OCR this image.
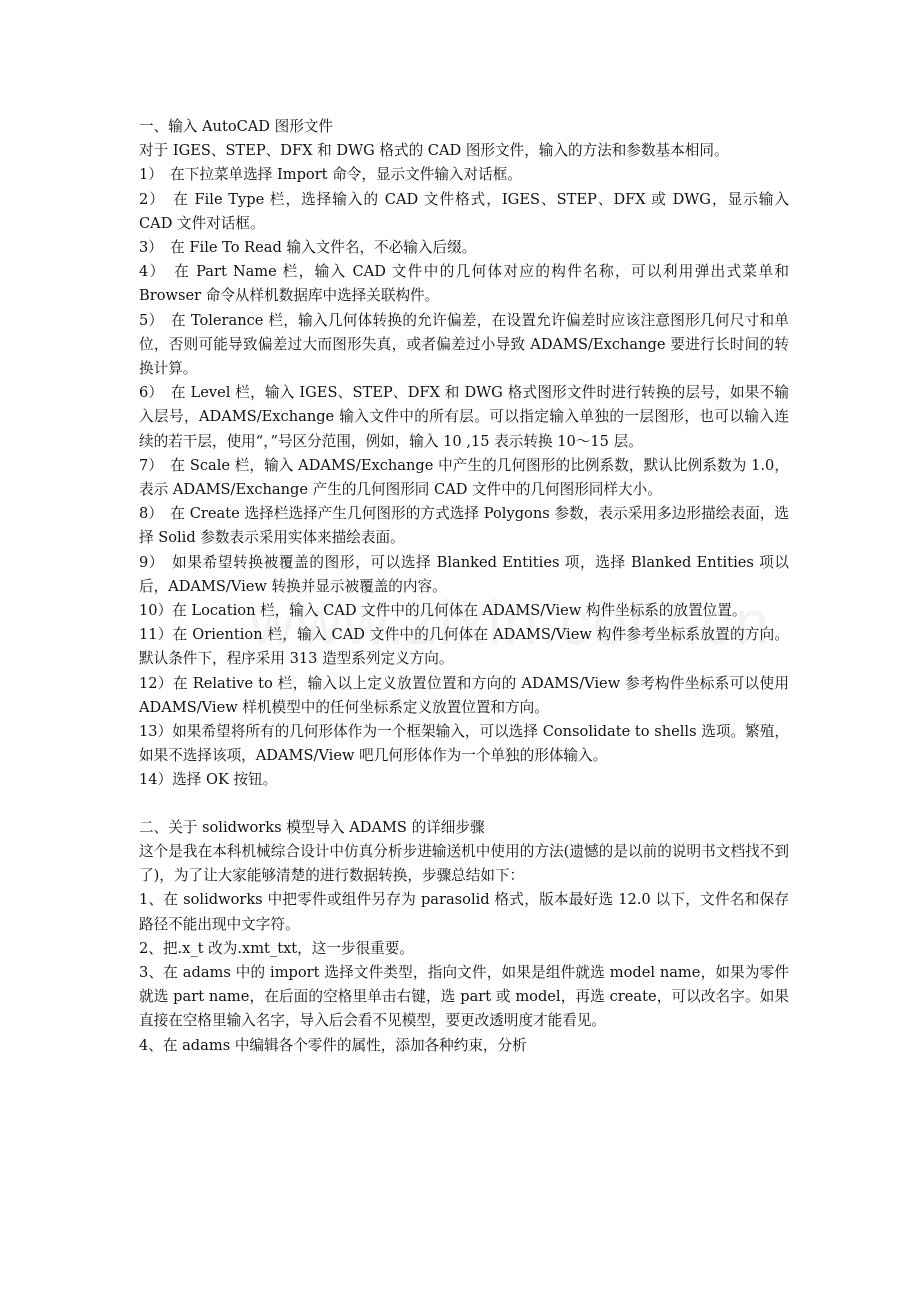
一、输入 AutoCAD 图形文件

对于 IGES、STEP、DFX 和 DWG 格式的 CAD 图形文件，输入的方法和参数基本相同。

1）　在下拉菜单选择 Import 命令，显示文件输入对话框。

2）　在 File Type 栏，选择输入的 CAD 文件格式，IGES、STEP、DFX 或 DWG，显示输入 CAD 文件对话框。

3）　在 File To Read 输入文件名，不必输入后缀。

4）　在 Part Name 栏，输入 CAD 文件中的几何体对应的构件名称，可以利用弹出式菜单和 Browser 命令从样机数据库中选择关联构件。

5）　在 Tolerance 栏，输入几何体转换的允许偏差，在设置允许偏差时应该注意图形几何尺寸和单位，否则可能导致偏差过大而图形失真，或者偏差过小导致 ADAMS/Exchange 要进行长时间的转换计算。

6）　在 Level 栏，输入 IGES、STEP、DFX 和 DWG 格式图形文件时进行转换的层号，如果不输入层号，ADAMS/Exchange 输入文件中的所有层。可以指定输入单独的一层图形，也可以输入连续的若干层，使用“，”号区分范围，例如，输入 10 ,15 表示转换 10～15 层。

7）　在 Scale 栏，输入 ADAMS/Exchange 中产生的几何图形的比例系数，默认比例系数为 1.0，表示 ADAMS/Exchange 产生的几何图形同 CAD 文件中的几何图形同样大小。

8）　在 Create 选择栏选择产生几何图形的方式选择 Polygons 参数，表示采用多边形描绘表面，选择 Solid 参数表示采用实体来描绘表面。

9）　如果希望转换被覆盖的图形，可以选择 Blanked Entities 项，选择 Blanked Entities 项以后，ADAMS/View 转换并显示被覆盖的内容。

10）在 Location 栏，输入 CAD 文件中的几何体在 ADAMS/View 构件坐标系的放置位置。

11）在 Oriention 栏，输入 CAD 文件中的几何体在 ADAMS/View 构件参考坐标系放置的方向。默认条件下，程序采用 313 造型系列定义方向。

12）在 Relative to 栏，输入以上定义放置位置和方向的 ADAMS/View 参考构件坐标系可以使用 ADAMS/View 样机模型中的任何坐标系定义放置位置和方向。

13）如果希望将所有的几何形体作为一个框架输入，可以选择 Consolidate to shells 选项。繁殖，如果不选择该项，ADAMS/View 吧几何形体作为一个单独的形体输入。

14）选择 OK 按钮。

二、关于 solidworks 模型导入 ADAMS 的详细步骤

这个是我在本科机械综合设计中仿真分析步进输送机中使用的方法(遗憾的是以前的说明书文档找不到了)，为了让大家能够清楚的进行数据转换，步骤总结如下：

1、在 solidworks 中把零件或组件另存为 parasolid 格式，版本最好选 12.0 以下，文件名和保存路径不能出现中文字符。

2、把.x_t 改为.xmt_txt，这一步很重要。

3、在 adams 中的 import 选择文件类型，指向文件，如果是组件就选 model name，如果为零件就选 part name，在后面的空格里单击右键，选 part 或 model，再选 create，可以改名字。如果直接在空格里输入名字，导入后会看不见模型，要更改透明度才能看见。

4、在 adams 中编辑各个零件的属性，添加各种约束，分析
